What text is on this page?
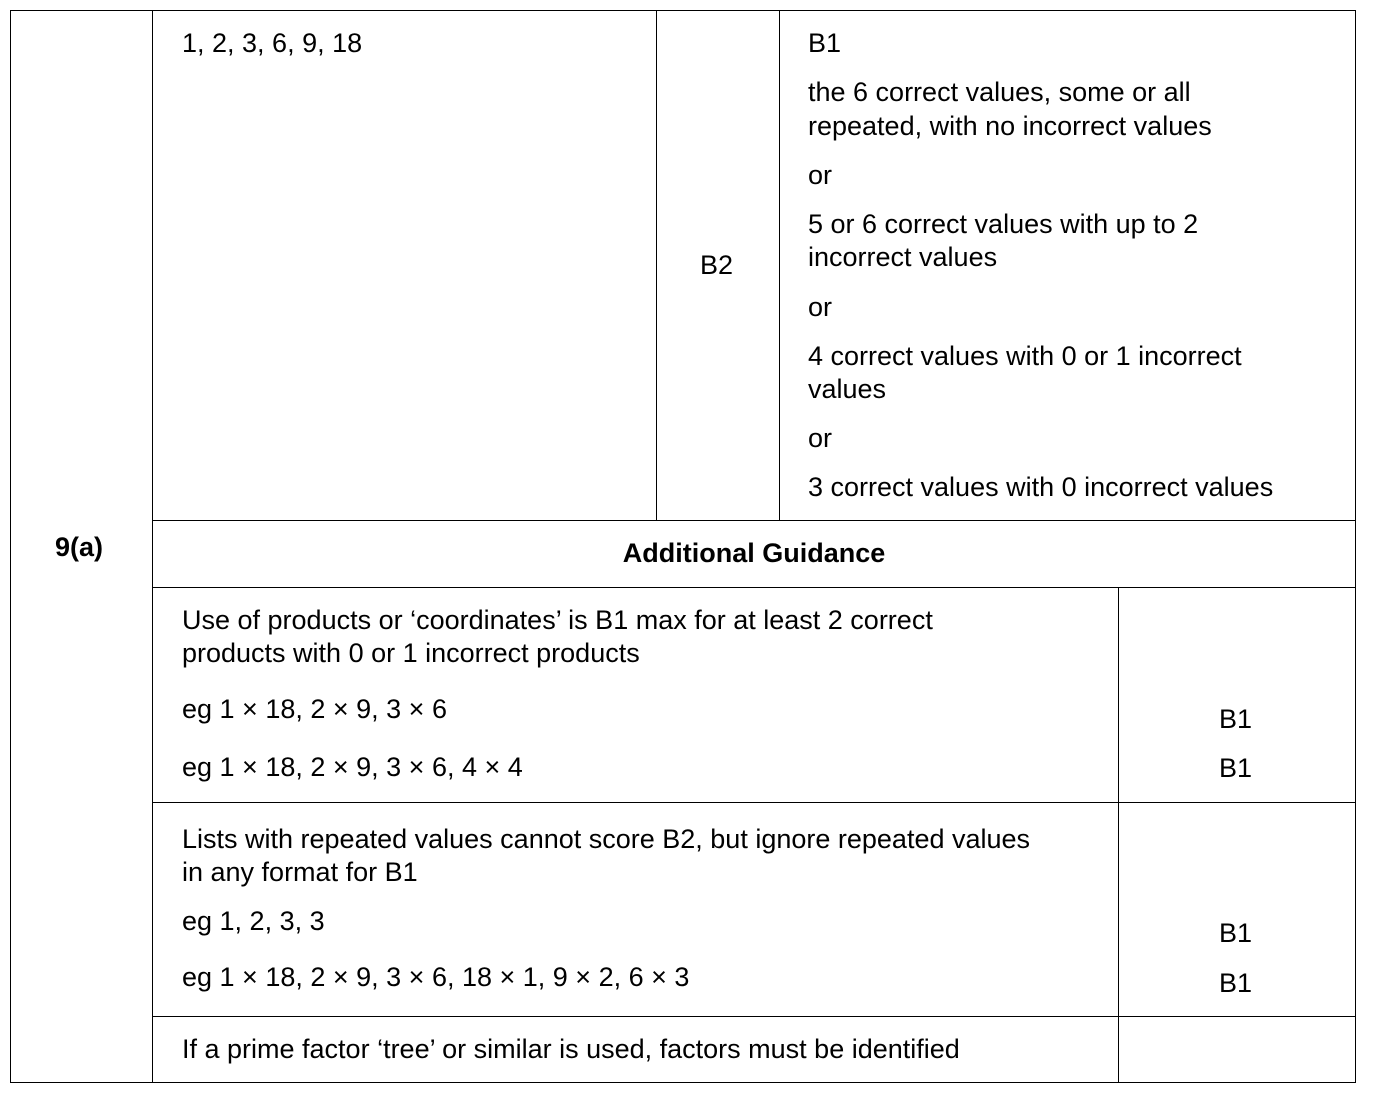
9(a)
1, 2, 3, 6, 9, 18
B2
B1
the 6 correct values, some or all
repeated, with no incorrect values
or
5 or 6 correct values with up to 2
incorrect values
or
4 correct values with 0 or 1 incorrect
values
or
3 correct values with 0 incorrect values
Additional Guidance
Use of products or ‘coordinates’ is B1 max for at least 2 correct
products with 0 or 1 incorrect products
eg 1 × 18, 2 × 9, 3 × 6
eg 1 × 18, 2 × 9, 3 × 6, 4 × 4
B1
B1
Lists with repeated values cannot score B2, but ignore repeated values
in any format for B1
eg 1, 2, 3, 3
eg 1 × 18, 2 × 9, 3 × 6, 18 × 1, 9 × 2, 6 × 3
B1
B1
If a prime factor ‘tree’ or similar is used, factors must be identified
